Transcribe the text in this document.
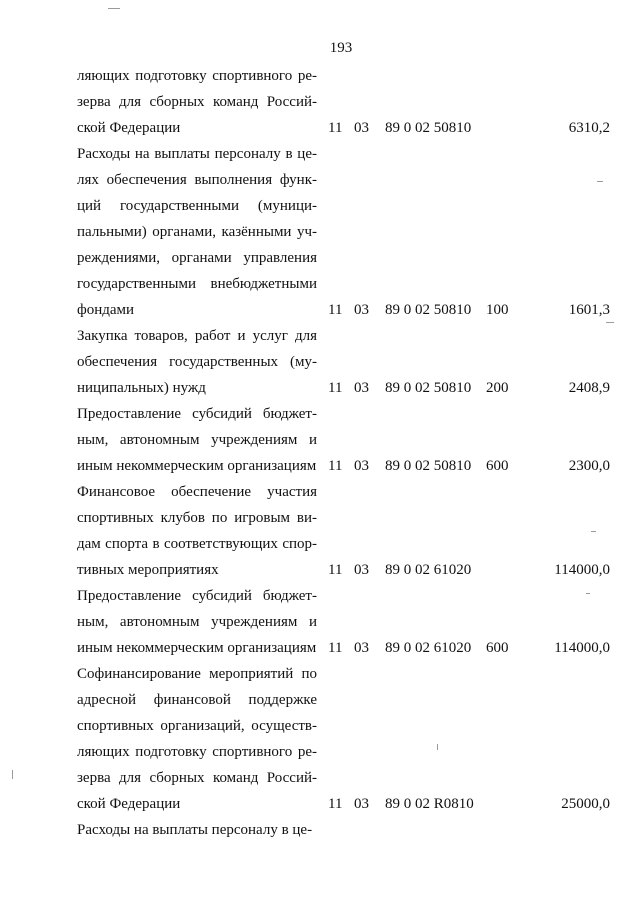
193
ляющих подготовку спортивного ре-
зерва для сборных команд Россий-
ской Федерации	11 03 89 0 02 50810	6310,2
Расходы на выплаты персоналу в це-
лях обеспечения выполнения функ-
ций государственными (муници-
пальными) органами, казёнными уч-
реждениями, органами управления
государственными внебюджетными
фондами	11 03 89 0 02 50810 100	1601,3
Закупка товаров, работ и услуг для
обеспечения государственных (му-
ниципальных) нужд	11 03 89 0 02 50810 200	2408,9
Предоставление субсидий бюджет-
ным, автономным учреждениям и
иным некоммерческим организациям 11 03 89 0 02 50810 600	2300,0
Финансовое обеспечение участия
спортивных клубов по игровым ви-
дам спорта в соответствующих спор-
тивных мероприятиях	11 03 89 0 02 61020	114000,0
Предоставление субсидий бюджет-
ным, автономным учреждениям и
иным некоммерческим организациям 11 03 89 0 02 61020 600	114000,0
Софинансирование мероприятий по
адресной финансовой поддержке
спортивных организаций, осуществ-
ляющих подготовку спортивного ре-
зерва для сборных команд Россий-
ской Федерации	11 03 89 0 02 R0810	25000,0
Расходы на выплаты персоналу в це-
